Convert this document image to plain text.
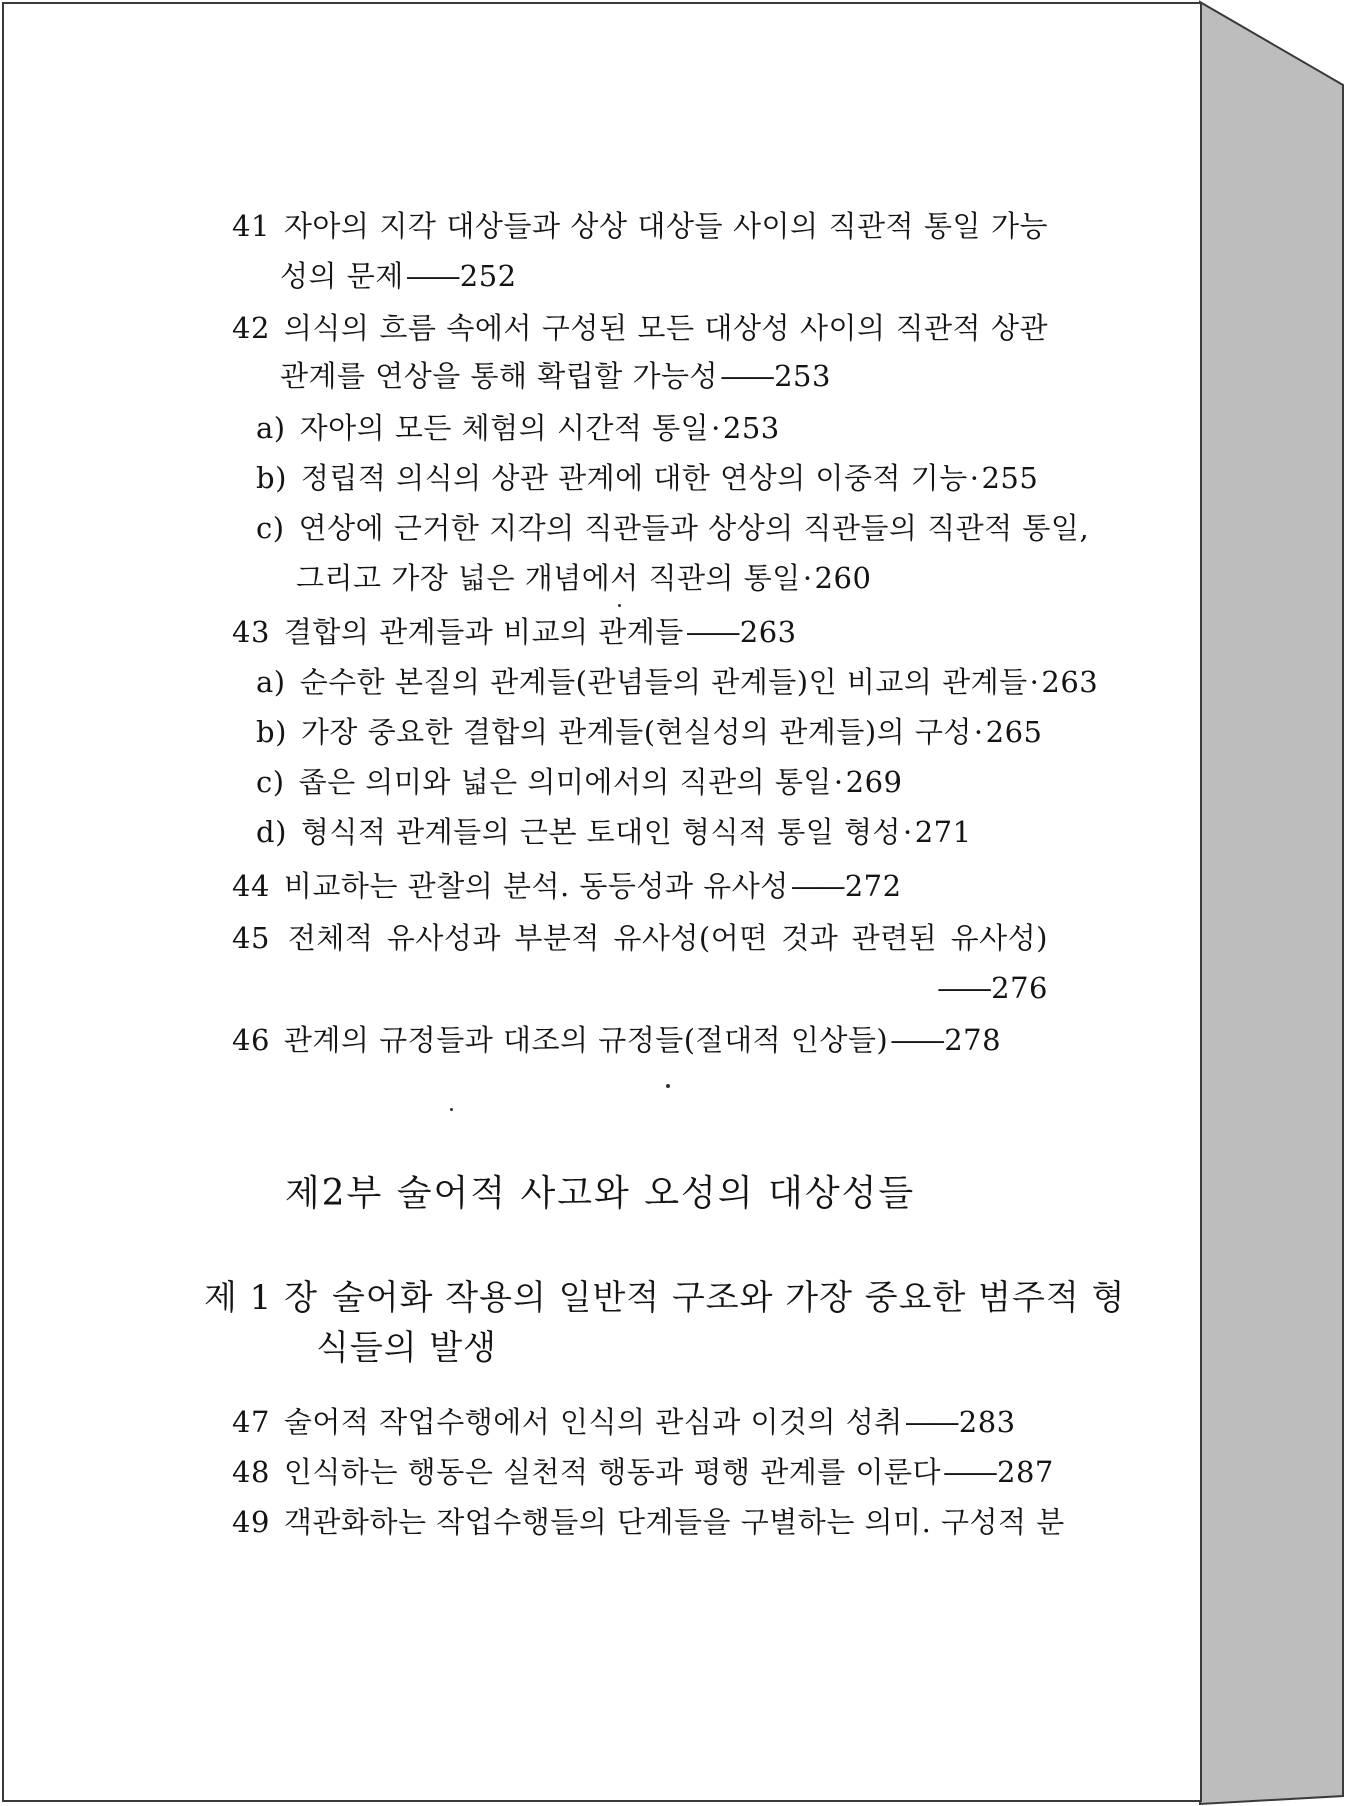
41 자아의 지각 대상들과 상상 대상들 사이의 직관적 통일 가능
성의 문제——252
42 의식의 흐름 속에서 구성된 모든 대상성 사이의 직관적 상관
관계를 연상을 통해 확립할 가능성——253
a) 자아의 모든 체험의 시간적 통일·253
b) 정립적 의식의 상관 관계에 대한 연상의 이중적 기능·255
c) 연상에 근거한 지각의 직관들과 상상의 직관들의 직관적 통일,
그리고 가장 넓은 개념에서 직관의 통일·260
43 결합의 관계들과 비교의 관계들——263
a) 순수한 본질의 관계들(관념들의 관계들)인 비교의 관계들·263
b) 가장 중요한 결합의 관계들(현실성의 관계들)의 구성·265
c) 좁은 의미와 넓은 의미에서의 직관의 통일·269
d) 형식적 관계들의 근본 토대인 형식적 통일 형성·271
44 비교하는 관찰의 분석. 동등성과 유사성——272
45 전체적 유사성과 부분적 유사성(어떤 것과 관련된 유사성)
——276
46 관계의 규정들과 대조의 규정들(절대적 인상들)——278
제2부 술어적 사고와 오성의 대상성들
제 1 장 술어화 작용의 일반적 구조와 가장 중요한 범주적 형
식들의 발생
47 술어적 작업수행에서 인식의 관심과 이것의 성취——283
48 인식하는 행동은 실천적 행동과 평행 관계를 이룬다——287
49 객관화하는 작업수행들의 단계들을 구별하는 의미. 구성적 분
